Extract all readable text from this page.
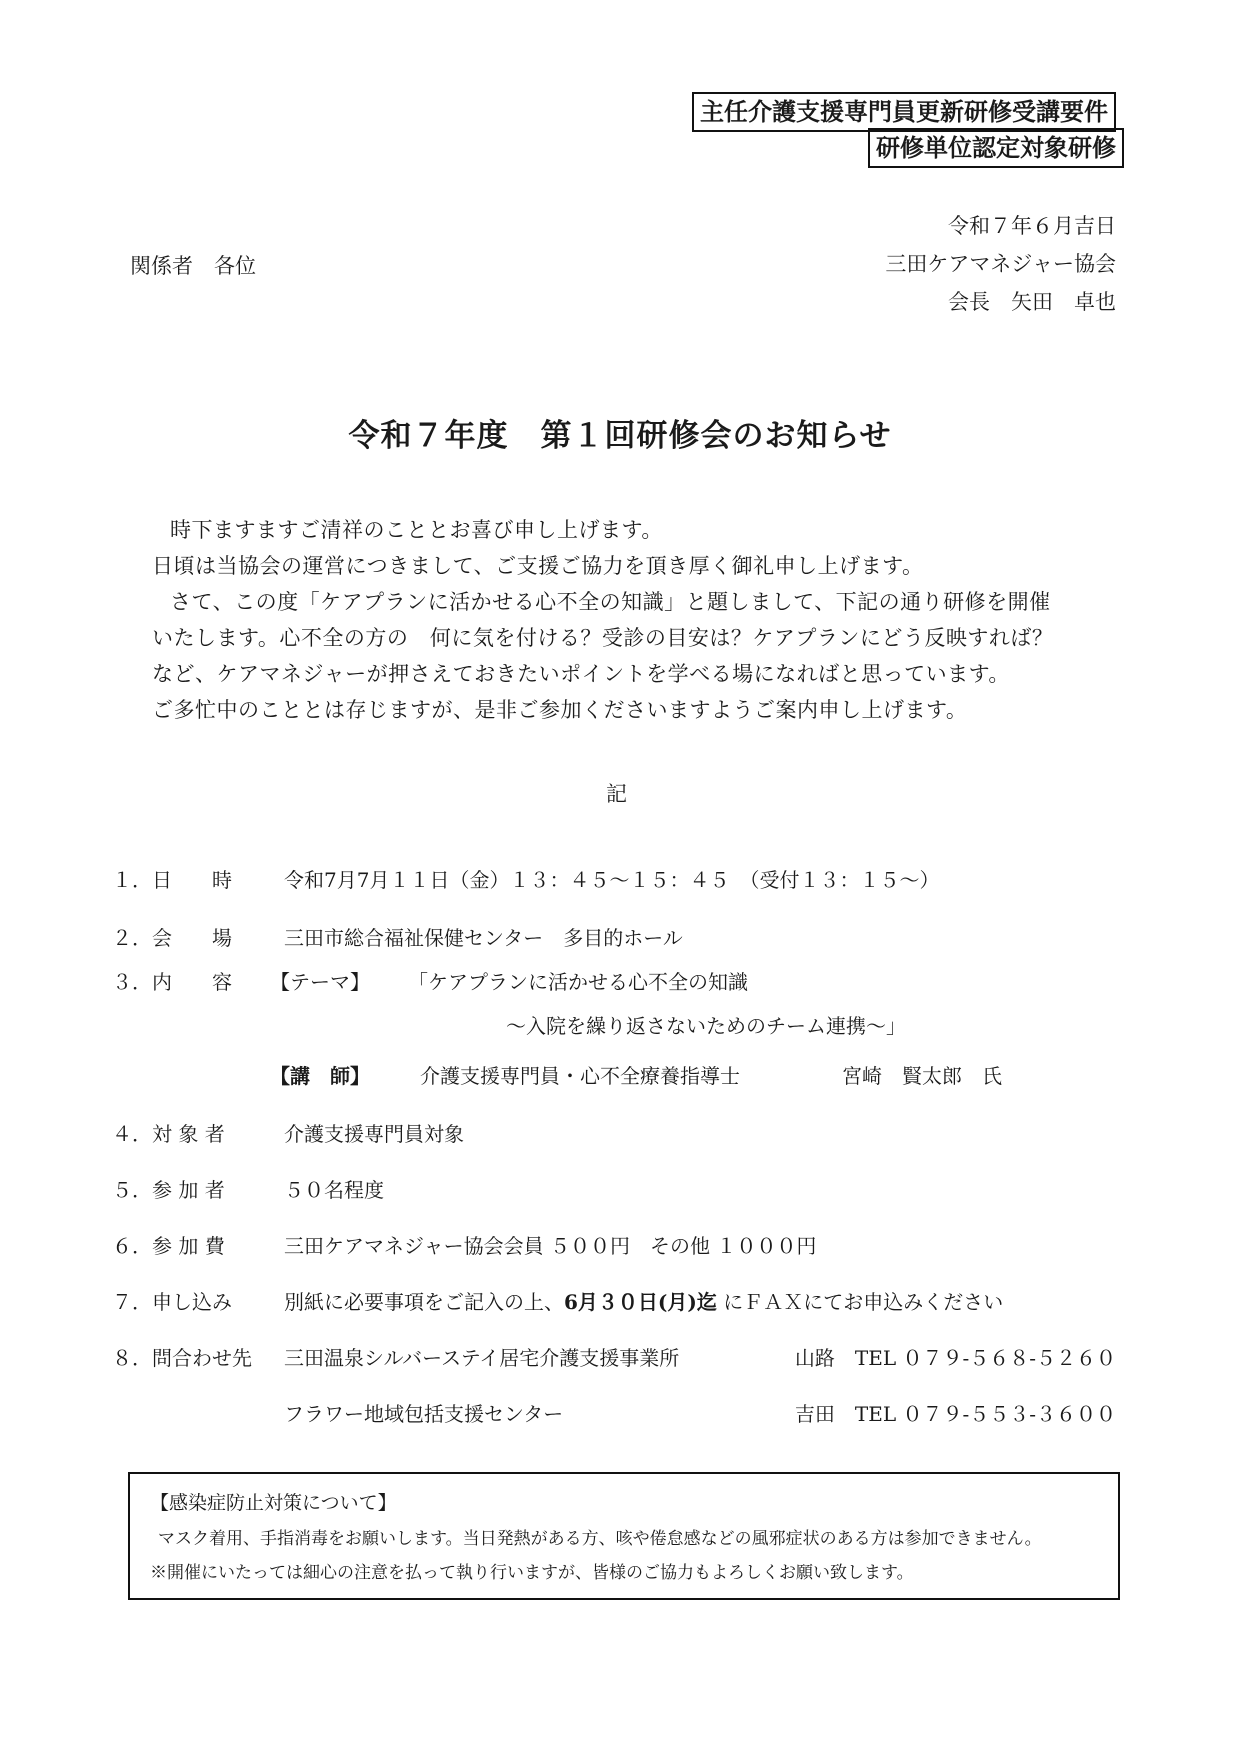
主任介護支援専門員更新研修受講要件
研修単位認定対象研修
関係者　各位
令和７年６月吉日
三田ケアマネジャー協会
会長　矢田　卓也
令和７年度　第１回研修会のお知らせ
時下ますますご清祥のこととお喜び申し上げます。
日頃は当協会の運営につきまして、ご支援ご協力を頂き厚く御礼申し上げます。
さて、この度「ケアプランに活かせる心不全の知識」と題しまして、下記の通り研修を開催
いたします。心不全の方の　何に気を付ける？受診の目安は？ケアプランにどう反映すれば？
など、ケアマネジャーが押さえておきたいポイントを学べる場になればと思っています。
ご多忙中のこととは存じますが、是非ご参加くださいますようご案内申し上げます。
記
１．日　　時	令和7月7月１１日（金）１３：４５～１５：４５　（受付１３：１５～）
２．会　　場	三田市総合福祉保健センター　多目的ホール
３．内　　容 【テーマ】 「ケアプランに活かせる心不全の知識
～入院を繰り返さないためのチーム連携～」
【講　師】	介護支援専門員・心不全療養指導士	宮崎　賢太郎　氏
４．対 象 者	介護支援専門員対象
５．参 加 者	５０名程度
６．参 加 費	三田ケアマネジャー協会会員 ５００円　その他 １０００円
７．申し込み	別紙に必要事項をご記入の上、6月３０日(月)迄 にＦＡＸにてお申込みください
８．問合わせ先 三田温泉シルバーステイ居宅介護支援事業所	山路　TEL ０７９-５６８-５２６０
フラワー地域包括支援センター	吉田　TEL ０７９-５５３-３６００
【感染症防止対策について】
マスク着用、手指消毒をお願いします。当日発熱がある方、咳や倦怠感などの風邪症状のある方は参加できません。
※開催にいたっては細心の注意を払って執り行いますが、皆様のご協力もよろしくお願い致します。
